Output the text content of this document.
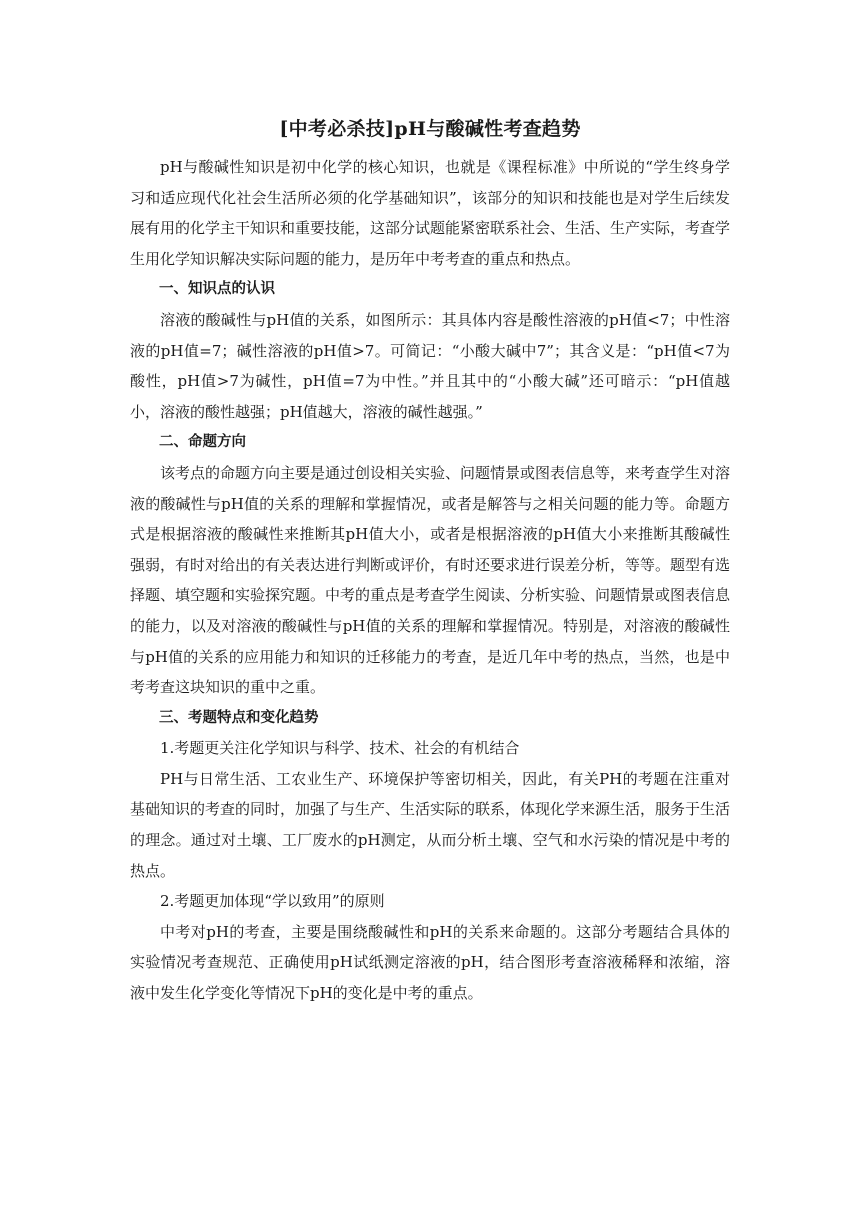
[中考必杀技]pH与酸碱性考查趋势

pH与酸碱性知识是初中化学的核心知识，也就是《课程标准》中所说的“学生终身学习和适应现代化社会生活所必须的化学基础知识”，该部分的知识和技能也是对学生后续发展有用的化学主干知识和重要技能，这部分试题能紧密联系社会、生活、生产实际，考查学生用化学知识解决实际问题的能力，是历年中考考查的重点和热点。

一、知识点的认识

溶液的酸碱性与pH值的关系，如图所示：其具体内容是酸性溶液的pH值<7；中性溶液的pH值=7；碱性溶液的pH值>7。可简记：“小酸大碱中7”；其含义是：“pH值<7为酸性，pH值>7为碱性，pH值=7为中性。”并且其中的“小酸大碱”还可暗示：“pH值越小，溶液的酸性越强；pH值越大，溶液的碱性越强。”

二、命题方向

该考点的命题方向主要是通过创设相关实验、问题情景或图表信息等，来考查学生对溶液的酸碱性与pH值的关系的理解和掌握情况，或者是解答与之相关问题的能力等。命题方式是根据溶液的酸碱性来推断其pH值大小，或者是根据溶液的pH值大小来推断其酸碱性强弱，有时对给出的有关表达进行判断或评价，有时还要求进行误差分析，等等。题型有选择题、填空题和实验探究题。中考的重点是考查学生阅读、分析实验、问题情景或图表信息的能力，以及对溶液的酸碱性与pH值的关系的理解和掌握情况。特别是，对溶液的酸碱性与pH值的关系的应用能力和知识的迁移能力的考查，是近几年中考的热点，当然，也是中考考查这块知识的重中之重。

三、考题特点和变化趋势

1.考题更关注化学知识与科学、技术、社会的有机结合

PH与日常生活、工农业生产、环境保护等密切相关，因此，有关PH的考题在注重对基础知识的考查的同时，加强了与生产、生活实际的联系，体现化学来源生活，服务于生活的理念。通过对土壤、工厂废水的pH测定，从而分析土壤、空气和水污染的情况是中考的热点。

2.考题更加体现“学以致用”的原则

中考对pH的考查，主要是围绕酸碱性和pH的关系来命题的。这部分考题结合具体的实验情况考查规范、正确使用pH试纸测定溶液的pH，结合图形考查溶液稀释和浓缩，溶液中发生化学变化等情况下pH的变化是中考的重点。
